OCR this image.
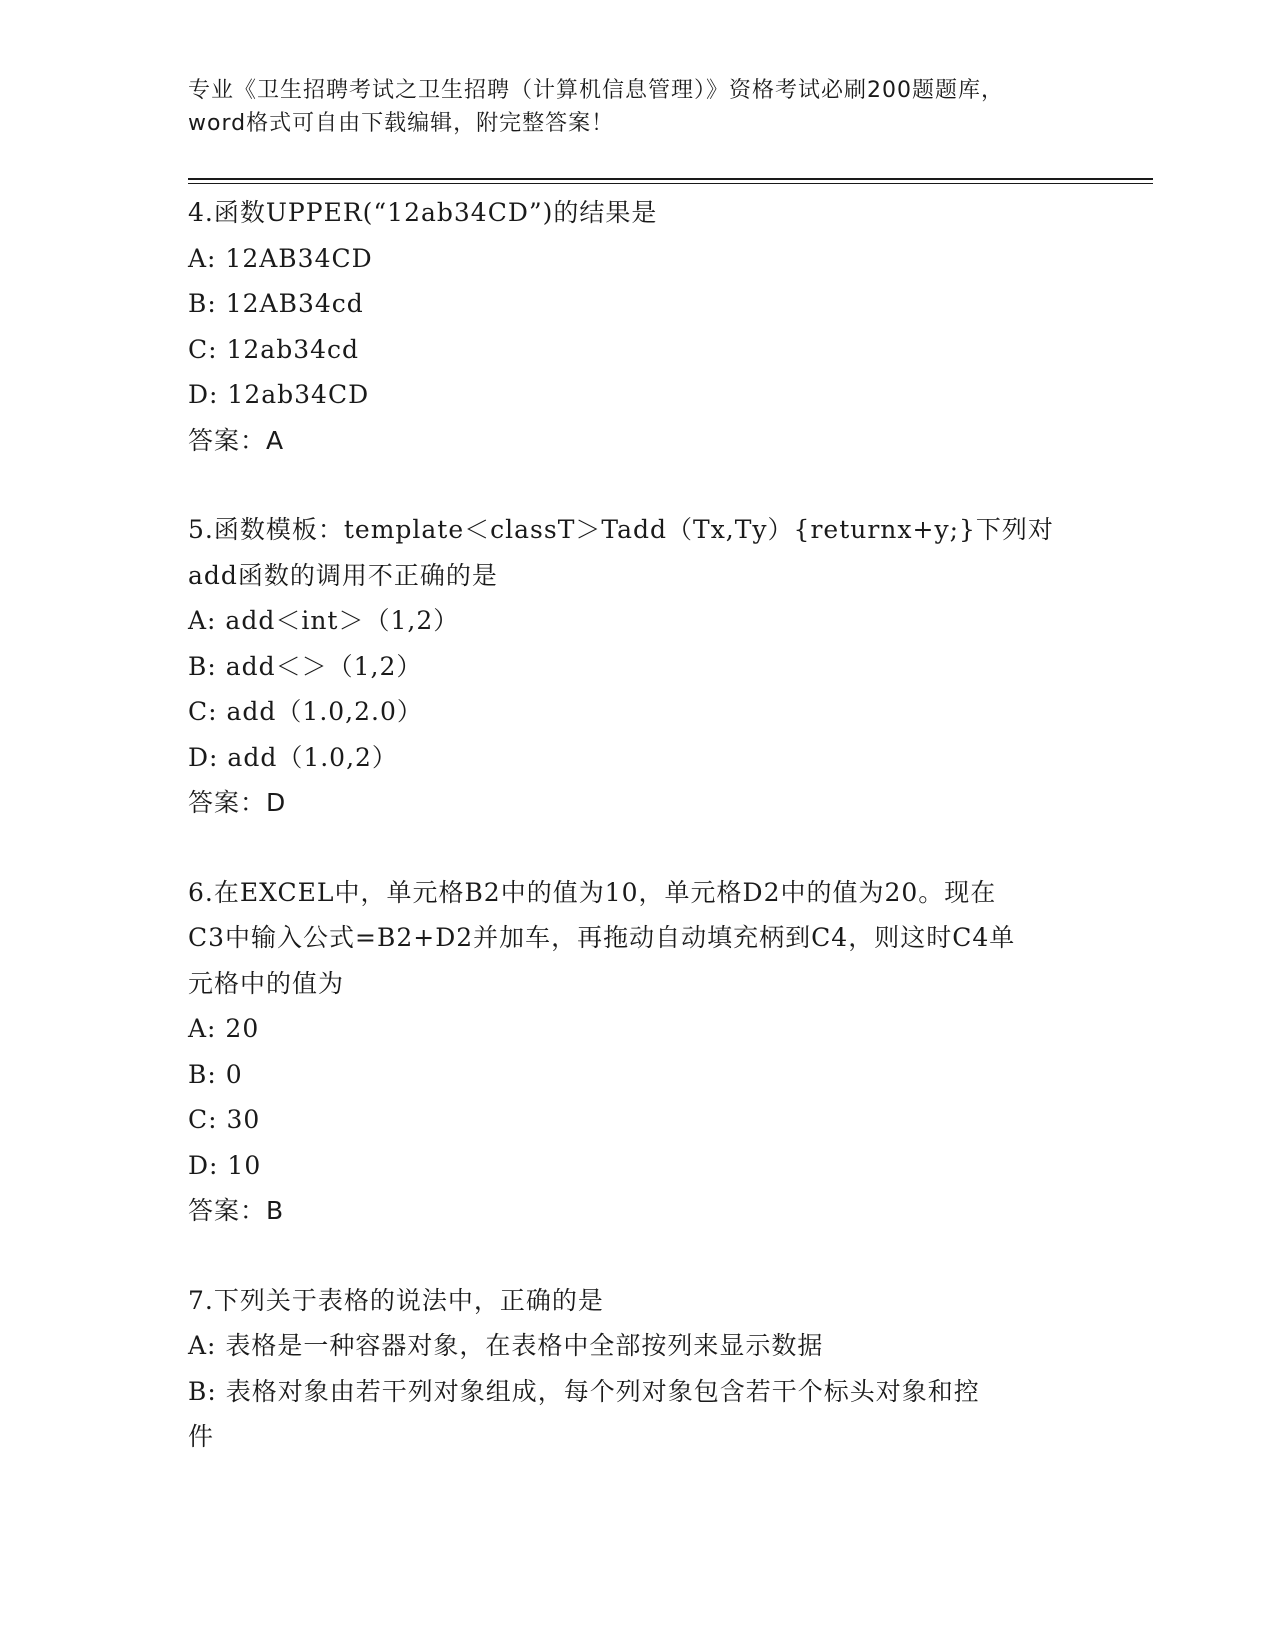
专业《卫生招聘考试之卫生招聘（计算机信息管理）》资格考试必刷200题题库，
word格式可自由下载编辑，附完整答案！
4.函数UPPER(“12ab34CD”)的结果是
A: 12AB34CD
B: 12AB34cd
C: 12ab34cd
D: 12ab34CD
答案：A
5.函数模板：template＜classT＞Tadd（Tx,Ty）{returnx+y;}下列对
add函数的调用不正确的是
A: add＜int＞（1,2）
B: add＜＞（1,2）
C: add（1.0,2.0）
D: add（1.0,2）
答案：D
6.在EXCEL中，单元格B2中的值为10，单元格D2中的值为20。现在
C3中输入公式=B2+D2并加车，再拖动自动填充柄到C4，则这时C4单
元格中的值为
A: 20
B: 0
C: 30
D: 10
答案：B
7.下列关于表格的说法中，正确的是
A: 表格是一种容器对象，在表格中全部按列来显示数据
B: 表格对象由若干列对象组成，每个列对象包含若干个标头对象和控
件
